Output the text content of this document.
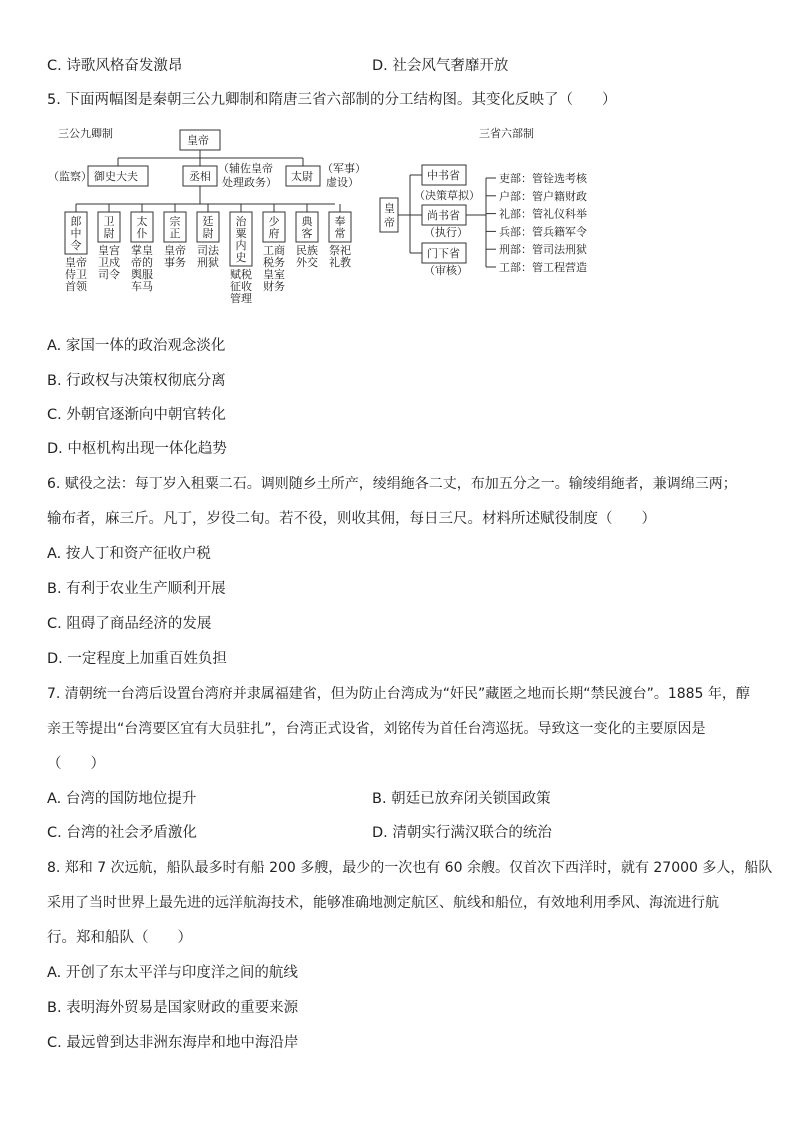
C. 诗歌风格奋发激昂	D. 社会风气奢靡开放
5. 下面两幅图是秦朝三公九卿制和隋唐三省六部制的分工结构图。其变化反映了（　　）
三公九卿制
皇帝
御史大夫
（监察）	丞相
（辅佐皇帝
处理政务） 太尉
（军事）
虚设）
郎中令
皇帝侍卫首领
卫尉
皇宫卫戍司令
太仆
掌皇帝的舆服车马
宗正
皇帝事务
廷尉
司法刑狱
治粟内史
赋税征收管理
少府
工商税务皇室财务
典客
民族外交
奉常
祭祀礼教
三省六部制
皇
帝
中书省
（决策草拟）
尚书省
（执行）
门下省
（审核）
吏部：管铨选考核
户部：管户籍财政
礼部：管礼仪科举
兵部：管兵籍军令
刑部：管司法刑狱
工部：管工程营造
A. 家国一体的政治观念淡化
B. 行政权与决策权彻底分离
C. 外朝官逐渐向中朝官转化
D. 中枢机构出现一体化趋势
6. 赋役之法：每丁岁入租粟二石。调则随乡土所产，绫绢絁各二丈，布加五分之一。输绫绢絁者，兼调绵三两；
输布者，麻三斤。凡丁，岁役二旬。若不役，则收其佣，每日三尺。材料所述赋役制度（　　）
A. 按人丁和资产征收户税
B. 有利于农业生产顺利开展
C. 阻碍了商品经济的发展
D. 一定程度上加重百姓负担
7. 清朝统一台湾后设置台湾府并隶属福建省，但为防止台湾成为“奸民”藏匿之地而长期“禁民渡台”。1885 年，醇
亲王等提出“台湾要区宜有大员驻扎”，台湾正式设省，刘铭传为首任台湾巡抚。导致这一变化的主要原因是
（　　）
A. 台湾的国防地位提升	B. 朝廷已放弃闭关锁国政策
C. 台湾的社会矛盾激化	D. 清朝实行满汉联合的统治
8. 郑和 7 次远航，船队最多时有船 200 多艘，最少的一次也有 60 余艘。仅首次下西洋时，就有 27000 多人，船队
采用了当时世界上最先进的远洋航海技术，能够准确地测定航区、航线和船位，有效地利用季风、海流进行航
行。郑和船队（　　）
A. 开创了东太平洋与印度洋之间的航线
B. 表明海外贸易是国家财政的重要来源
C. 最远曾到达非洲东海岸和地中海沿岸
